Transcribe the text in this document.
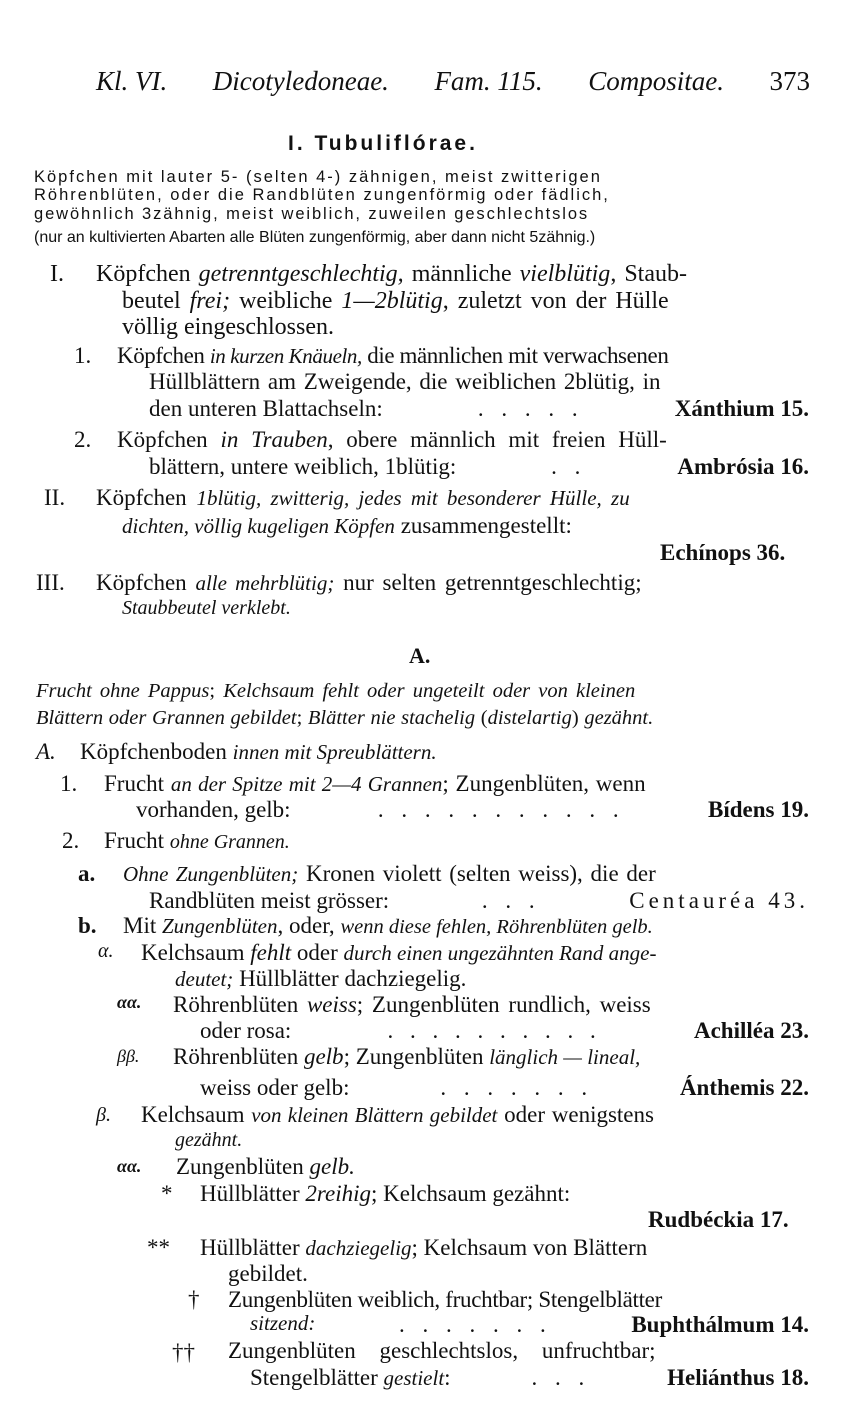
Kl. VI. Dicotyledoneae. Fam. 115. Compositae. 373
I. Tubuliflórae.
Köpfchen mit lauter 5- (selten 4-) zähnigen, meist zwitterigen
Röhrenblüten, oder die Randblüten zungenförmig oder fädlich,
gewöhnlich 3zähnig, meist weiblich, zuweilen geschlechtslos
(nur an kultivierten Abarten alle Blüten zungenförmig, aber dann nicht 5zähnig.)
I. Köpfchen getrenntgeschlechtig, männliche vielblütig, Staub-
beutel frei; weibliche 1—2blütig, zuletzt von der Hülle
völlig eingeschlossen.
1. Köpfchen in kurzen Knäueln, die männlichen mit verwachsenen
Hüllblättern am Zweigende, die weiblichen 2blütig, in
den unteren Blattachseln:	. . . . .	Xánthium 15.
2. Köpfchen in Trauben, obere männlich mit freien Hüll-
blättern, untere weiblich, 1blütig:	. .	Ambrósia 16.
II. Köpfchen 1blütig, zwitterig, jedes mit besonderer Hülle, zu
dichten, völlig kugeligen Köpfen zusammengestellt:
Echínops 36.
III. Köpfchen alle mehrblütig; nur selten getrenntgeschlechtig;
Staubbeutel verklebt.
A.
Frucht ohne Pappus; Kelchsaum fehlt oder ungeteilt oder von kleinen
Blättern oder Grannen gebildet; Blätter nie stachelig (distelartig) gezähnt.
A. Köpfchenboden innen mit Spreublättern.
1. Frucht an der Spitze mit 2—4 Grannen; Zungenblüten, wenn
vorhanden, gelb:	. . . . . . . . . . .	Bídens 19.
2. Frucht ohne Grannen.
a. Ohne Zungenblüten; Kronen violett (selten weiss), die der
Randblüten meist grösser:	. . .	Centauréa 43.
b. Mit Zungenblüten, oder, wenn diese fehlen, Röhrenblüten gelb.
α. Kelchsaum fehlt oder durch einen ungezähnten Rand ange-
deutet; Hüllblätter dachziegelig.
αα. Röhrenblüten weiss; Zungenblüten rundlich, weiss
oder rosa:	. . . . . . . . . .	Achilléa 23.
ββ. Röhrenblüten gelb; Zungenblüten länglich — lineal,
weiss oder gelb:	. . . . . . .	Ánthemis 22.
β. Kelchsaum von kleinen Blättern gebildet oder wenigstens
gezähnt.
αα. Zungenblüten gelb.
* Hüllblätter 2reihig; Kelchsaum gezähnt:
Rudbéckia 17.
** Hüllblätter dachziegelig; Kelchsaum von Blättern
gebildet.
† Zungenblüten weiblich, fruchtbar; Stengelblätter
sitzend:	. . . . . . .	Buphthálmum 14.
†† Zungenblüten geschlechtslos, unfruchtbar;
Stengelblätter gestielt:	. . .	Heliánthus 18.
